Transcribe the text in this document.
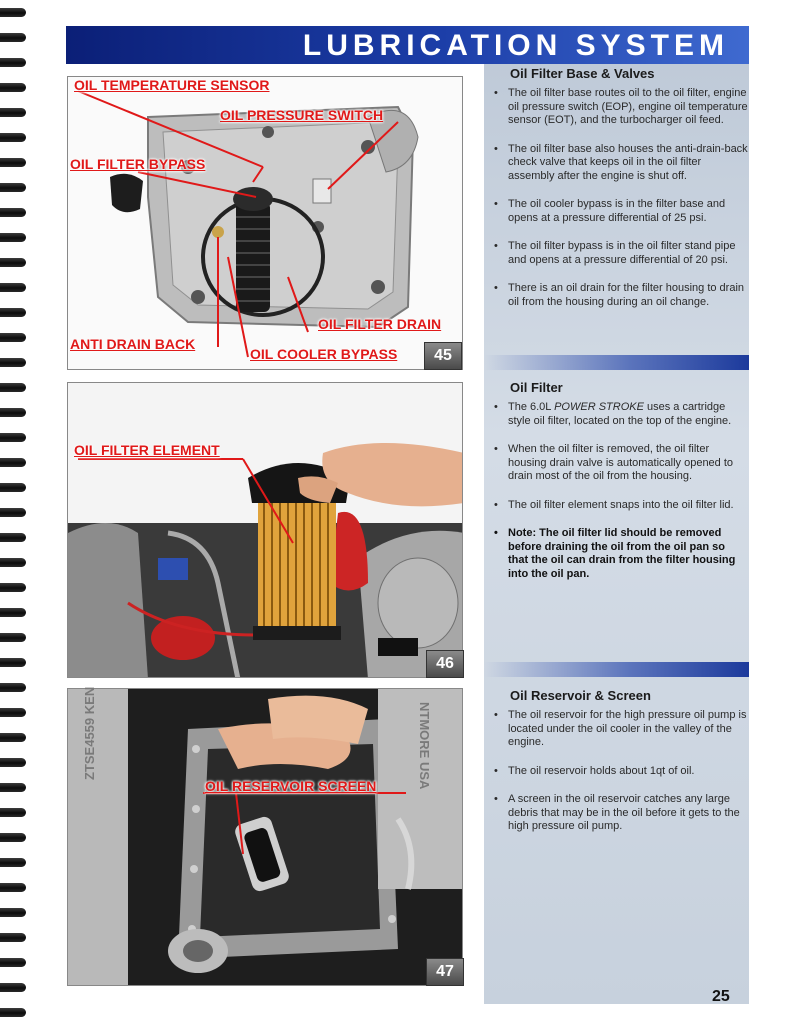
LUBRICATION SYSTEM
OIL TEMPERATURE SENSOR
OIL PRESSURE SWITCH
OIL FILTER BYPASS
OIL FILTER DRAIN
ANTI DRAIN BACK
OIL COOLER BYPASS	45
OIL FILTER ELEMENT
46
OIL RESERVOIR SCREEN
ZTSE4559 KEN	NTMORE USA
47
Oil Filter Base & Valves
• The oil filter base routes oil to the oil filter, engine oil pressure switch (EOP), engine oil temperature sensor (EOT), and the turbocharger oil feed.
• The oil filter base also houses the anti-drain-back check valve that keeps oil in the oil filter assembly after the engine is shut off.
• The oil cooler bypass is in the filter base and opens at a pressure differential of 25 psi.
• The oil filter bypass is in the oil filter stand pipe and opens at a pressure differential of 20 psi.
• There is an oil drain for the filter housing to drain oil from the housing during an oil change.
Oil Filter
• The 6.0L POWER STROKE uses a cartridge style oil filter, located on the top of the engine.
• When the oil filter is removed, the oil filter housing drain valve is automatically opened to drain most of the oil from the housing.
• The oil filter element snaps into the oil filter lid.
• Note: The oil filter lid should be removed before draining the oil from the oil pan so that the oil can drain from the filter housing into the oil pan.
Oil Reservoir & Screen
• The oil reservoir for the high pressure oil pump is located under the oil cooler in the valley of the engine.
• The oil reservoir holds about 1qt of oil.
• A screen in the oil reservoir catches any large debris that may be in the oil before it gets to the high pressure oil pump.
25
